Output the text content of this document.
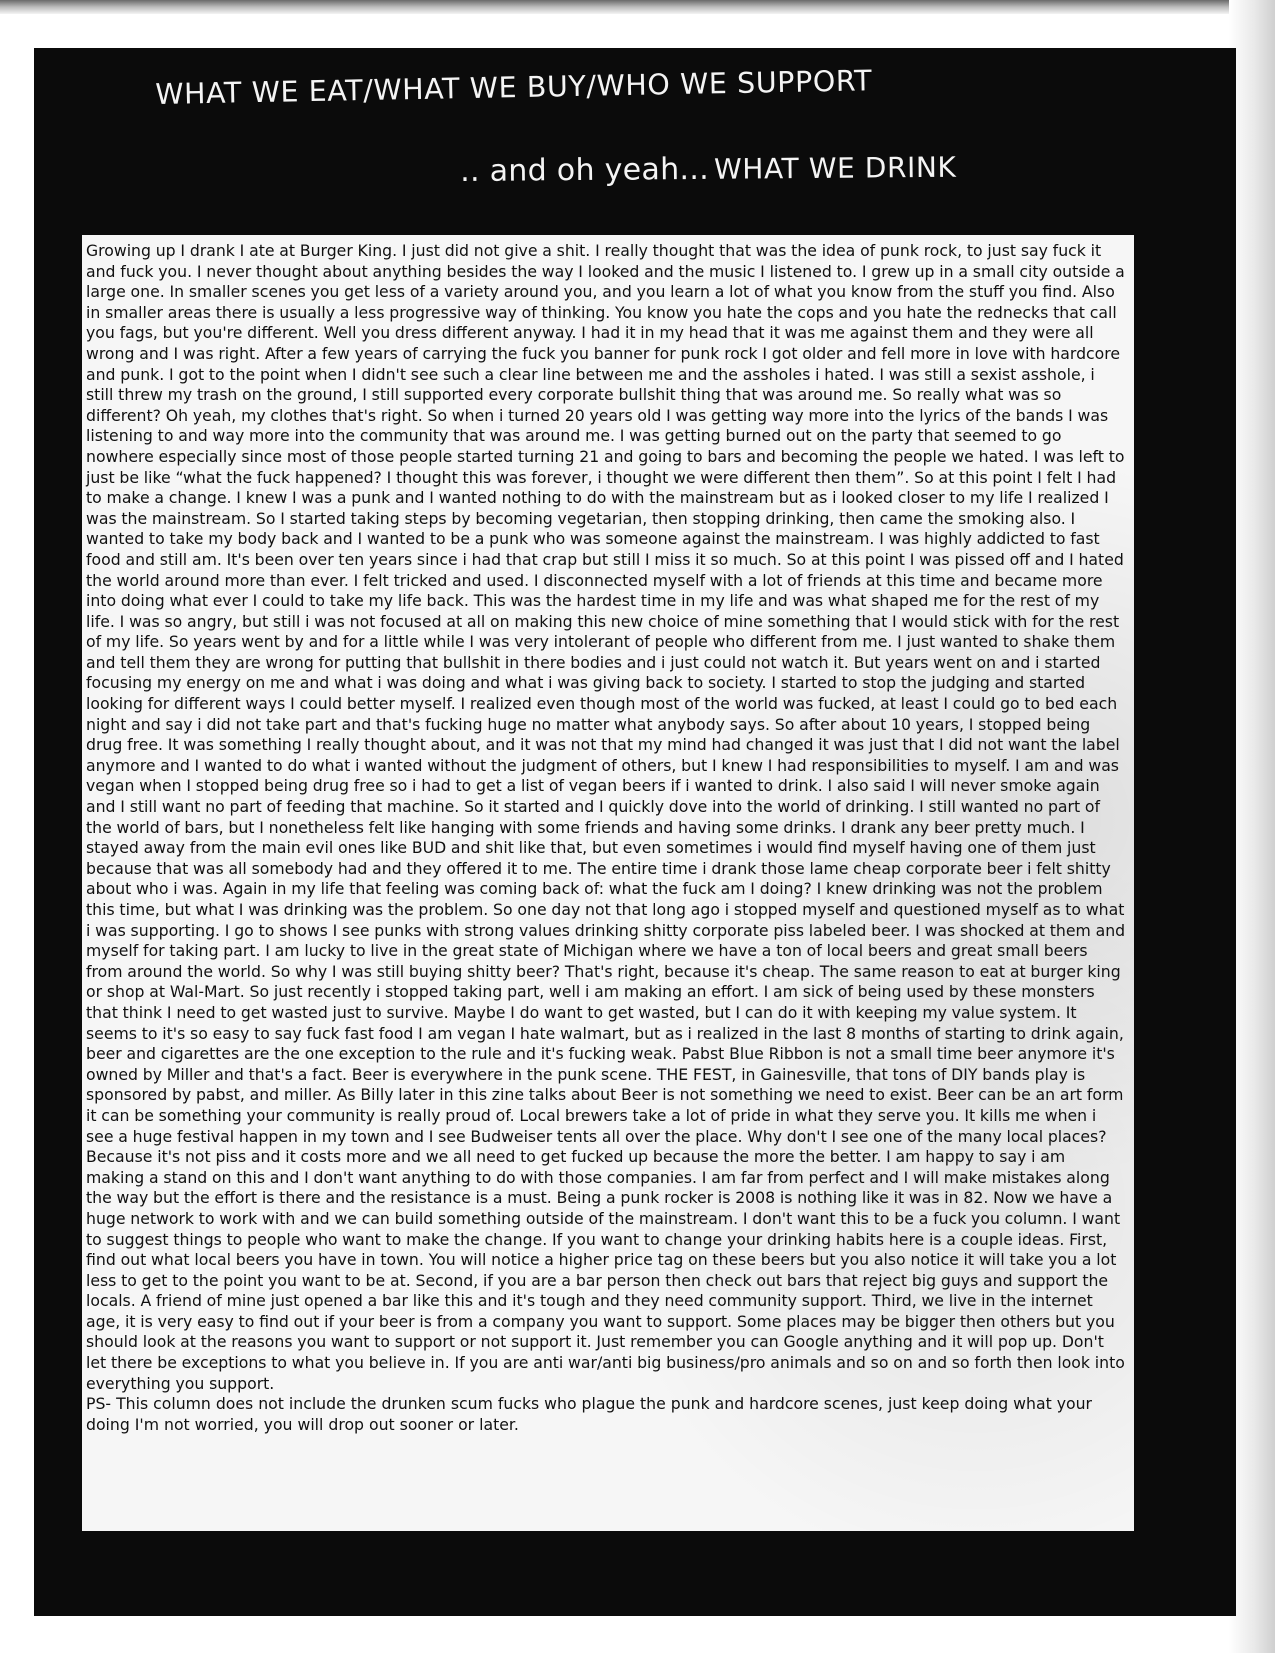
WHAT WE EAT/WHAT WE BUY/WHO WE SUPPORT
.. and oh yeah... WHAT WE DRINK

Growing up I drank I ate at Burger King. I just did not give a shit. I really thought that was the idea of punk rock, to just say fuck it and fuck you. I never thought about anything besides the way I looked and the music I listened to. I grew up in a small city outside a large one. In smaller scenes you get less of a variety around you, and you learn a lot of what you know from the stuff you find. Also in smaller areas there is usually a less progressive way of thinking. You know you hate the cops and you hate the rednecks that call you fags, but you're different. Well you dress different anyway. I had it in my head that it was me against them and they were all wrong and I was right. After a few years of carrying the fuck you banner for punk rock I got older and fell more in love with hardcore and punk. I got to the point when I didn't see such a clear line between me and the assholes i hated. I was still a sexist asshole, i still threw my trash on the ground, I still supported every corporate bullshit thing that was around me. So really what was so different? Oh yeah, my clothes that's right. So when i turned 20 years old I was getting way more into the lyrics of the bands I was listening to and way more into the community that was around me. I was getting burned out on the party that seemed to go nowhere especially since most of those people started turning 21 and going to bars and becoming the people we hated. I was left to just be like “what the fuck happened? I thought this was forever, i thought we were different then them”. So at this point I felt I had to make a change. I knew I was a punk and I wanted nothing to do with the mainstream but as i looked closer to my life I realized I was the mainstream. So I started taking steps by becoming vegetarian, then stopping drinking, then came the smoking also. I wanted to take my body back and I wanted to be a punk who was someone against the mainstream. I was highly addicted to fast food and still am. It's been over ten years since i had that crap but still I miss it so much. So at this point I was pissed off and I hated the world around more than ever. I felt tricked and used. I disconnected myself with a lot of friends at this time and became more into doing what ever I could to take my life back. This was the hardest time in my life and was what shaped me for the rest of my life. I was so angry, but still i was not focused at all on making this new choice of mine something that I would stick with for the rest of my life. So years went by and for a little while I was very intolerant of people who different from me. I just wanted to shake them and tell them they are wrong for putting that bullshit in there bodies and i just could not watch it. But years went on and i started focusing my energy on me and what i was doing and what i was giving back to society. I started to stop the judging and started looking for different ways I could better myself. I realized even though most of the world was fucked, at least I could go to bed each night and say i did not take part and that's fucking huge no matter what anybody says. So after about 10 years, I stopped being drug free. It was something I really thought about, and it was not that my mind had changed it was just that I did not want the label anymore and I wanted to do what i wanted without the judgment of others, but I knew I had responsibilities to myself. I am and was vegan when I stopped being drug free so i had to get a list of vegan beers if i wanted to drink. I also said I will never smoke again and I still want no part of feeding that machine. So it started and I quickly dove into the world of drinking. I still wanted no part of the world of bars, but I nonetheless felt like hanging with some friends and having some drinks. I drank any beer pretty much. I stayed away from the main evil ones like BUD and shit like that, but even sometimes i would find myself having one of them just because that was all somebody had and they offered it to me. The entire time i drank those lame cheap corporate beer i felt shitty about who i was. Again in my life that feeling was coming back of: what the fuck am I doing? I knew drinking was not the problem this time, but what I was drinking was the problem. So one day not that long ago i stopped myself and questioned myself as to what i was supporting. I go to shows I see punks with strong values drinking shitty corporate piss labeled beer. I was shocked at them and myself for taking part. I am lucky to live in the great state of Michigan where we have a ton of local beers and great small beers from around the world. So why I was still buying shitty beer? That's right, because it's cheap. The same reason to eat at burger king or shop at Wal-Mart. So just recently i stopped taking part, well i am making an effort. I am sick of being used by these monsters that think I need to get wasted just to survive. Maybe I do want to get wasted, but I can do it with keeping my value system. It seems to it's so easy to say fuck fast food I am vegan I hate walmart, but as i realized in the last 8 months of starting to drink again, beer and cigarettes are the one exception to the rule and it's fucking weak. Pabst Blue Ribbon is not a small time beer anymore it's owned by Miller and that's a fact. Beer is everywhere in the punk scene. THE FEST, in Gainesville, that tons of DIY bands play is sponsored by pabst, and miller. As Billy later in this zine talks about Beer is not something we need to exist. Beer can be an art form it can be something your community is really proud of. Local brewers take a lot of pride in what they serve you. It kills me when i see a huge festival happen in my town and I see Budweiser tents all over the place. Why don't I see one of the many local places? Because it's not piss and it costs more and we all need to get fucked up because the more the better. I am happy to say i am making a stand on this and I don't want anything to do with those companies. I am far from perfect and I will make mistakes along the way but the effort is there and the resistance is a must. Being a punk rocker is 2008 is nothing like it was in 82. Now we have a huge network to work with and we can build something outside of the mainstream. I don't want this to be a fuck you column. I want to suggest things to people who want to make the change. If you want to change your drinking habits here is a couple ideas. First, find out what local beers you have in town. You will notice a higher price tag on these beers but you also notice it will take you a lot less to get to the point you want to be at. Second, if you are a bar person then check out bars that reject big guys and support the locals. A friend of mine just opened a bar like this and it's tough and they need community support. Third, we live in the internet age, it is very easy to find out if your beer is from a company you want to support. Some places may be bigger then others but you should look at the reasons you want to support or not support it. Just remember you can Google anything and it will pop up. Don't let there be exceptions to what you believe in. If you are anti war/anti big business/pro animals and so on and so forth then look into everything you support.

PS- This column does not include the drunken scum fucks who plague the punk and hardcore scenes, just keep doing what your doing I'm not worried, you will drop out sooner or later.
